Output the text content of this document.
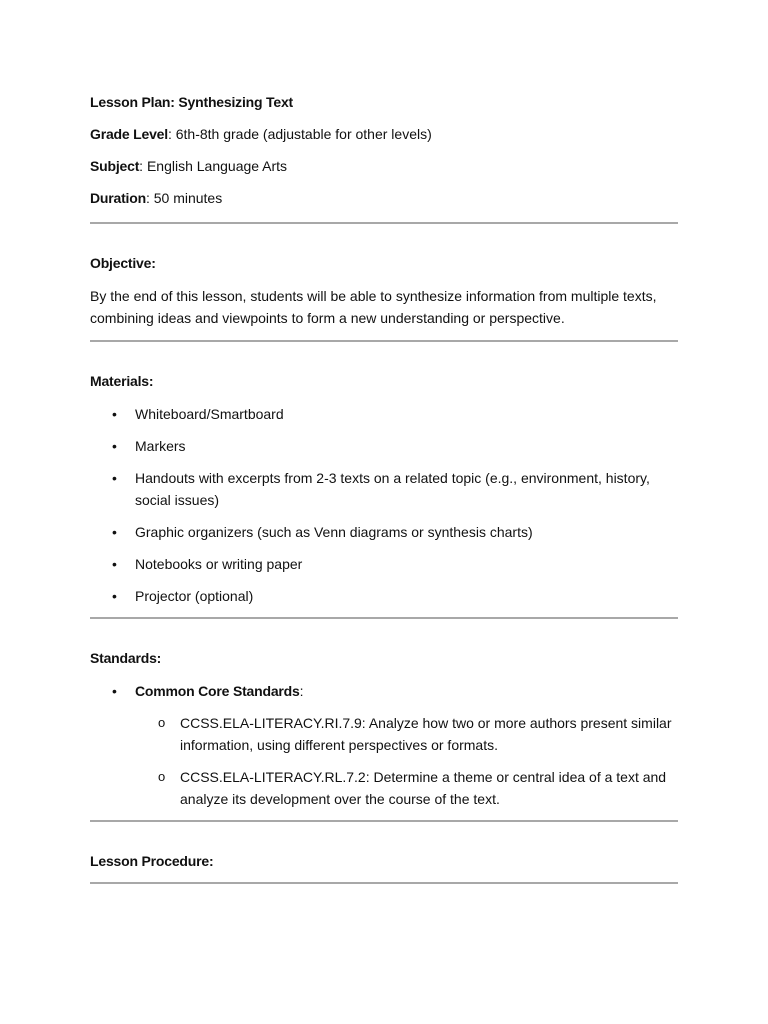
Lesson Plan: Synthesizing Text

Grade Level: 6th-8th grade (adjustable for other levels)

Subject: English Language Arts

Duration: 50 minutes

Objective:

By the end of this lesson, students will be able to synthesize information from multiple texts, combining ideas and viewpoints to form a new understanding or perspective.

Materials:

• Whiteboard/Smartboard
• Markers
• Handouts with excerpts from 2-3 texts on a related topic (e.g., environment, history, social issues)
• Graphic organizers (such as Venn diagrams or synthesis charts)
• Notebooks or writing paper
• Projector (optional)

Standards:

• Common Core Standards:
o CCSS.ELA-LITERACY.RI.7.9: Analyze how two or more authors present similar information, using different perspectives or formats.
o CCSS.ELA-LITERACY.RL.7.2: Determine a theme or central idea of a text and analyze its development over the course of the text.

Lesson Procedure:
